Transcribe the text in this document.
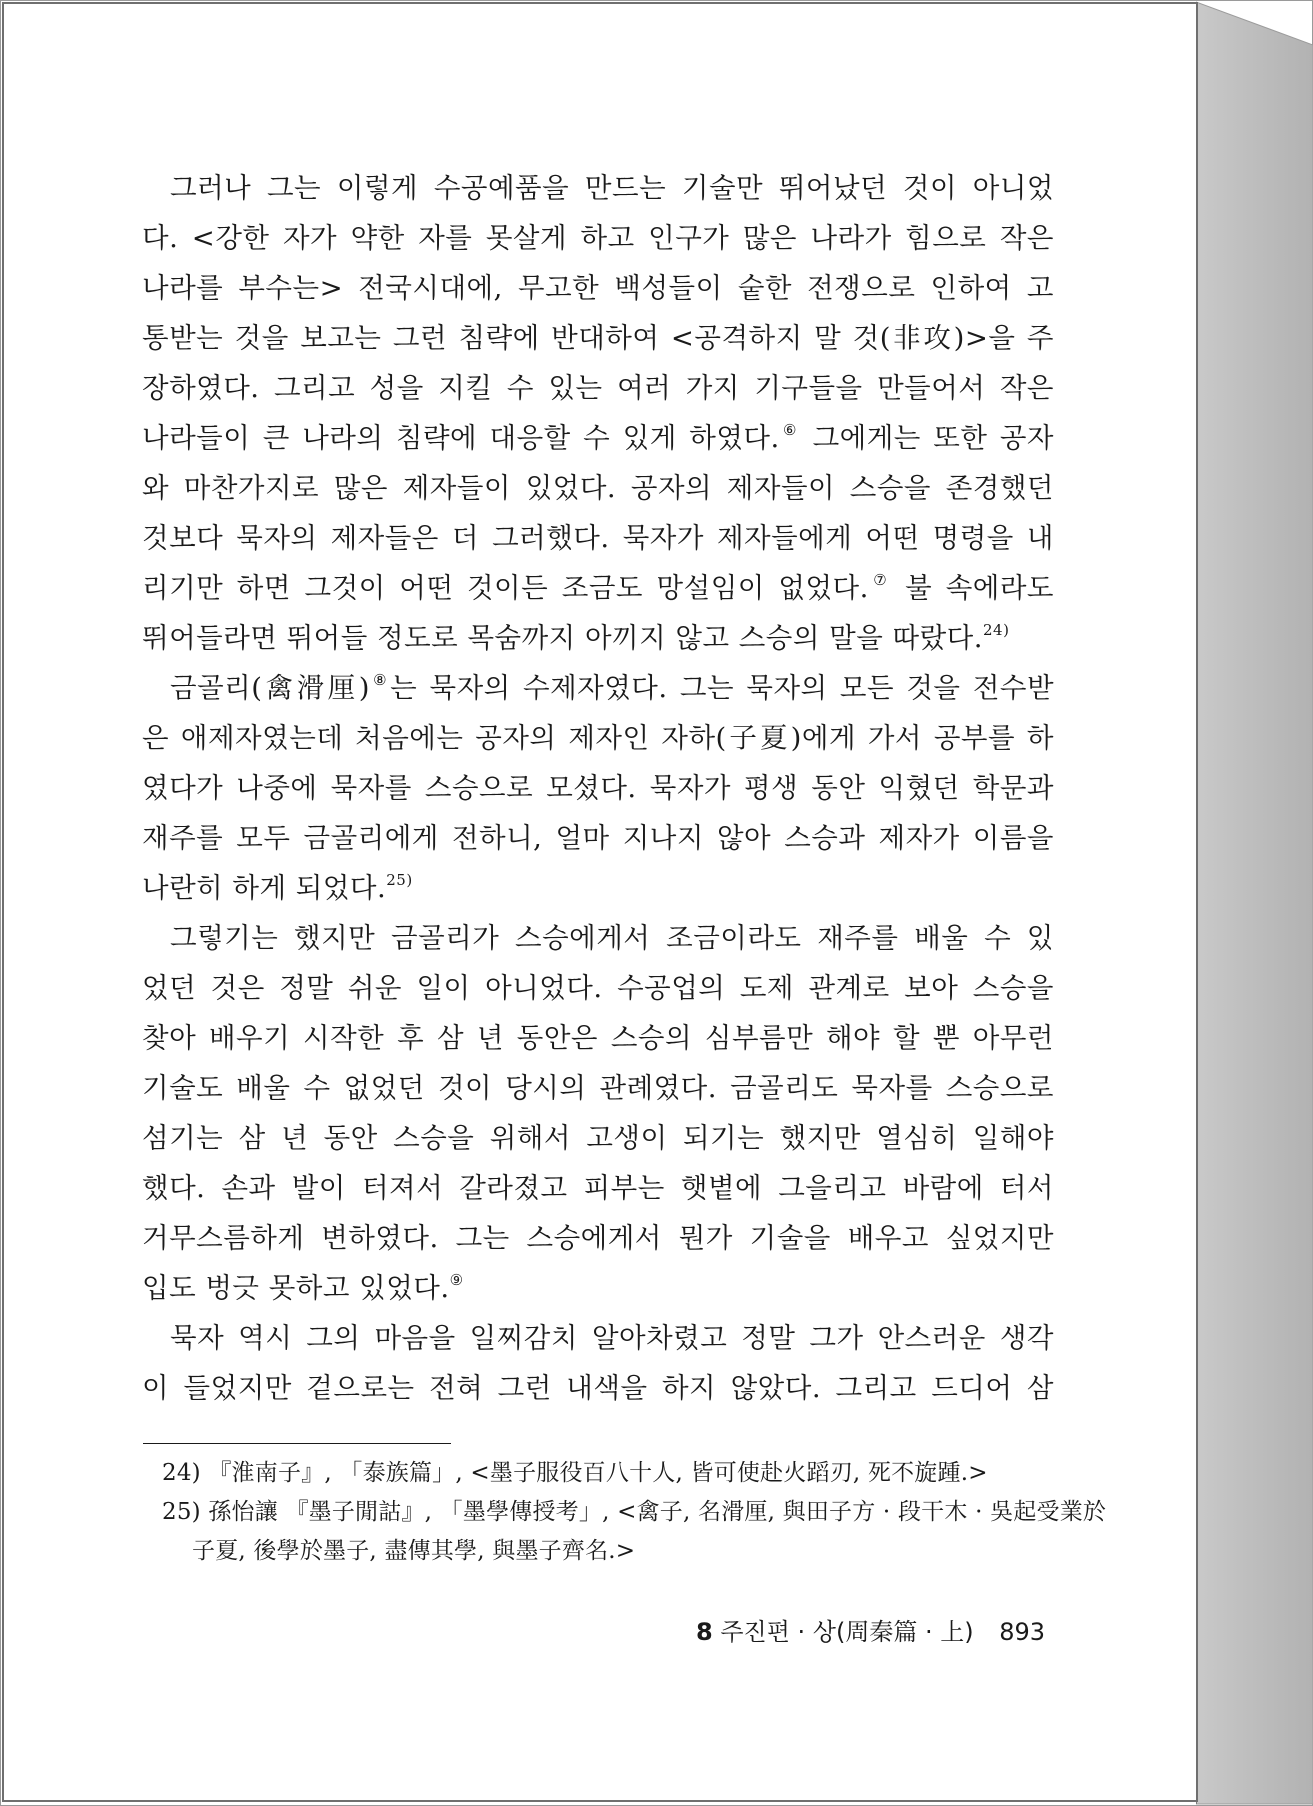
그러나 그는 이렇게 수공예품을 만드는 기술만 뛰어났던 것이 아니었
다. <강한 자가 약한 자를 못살게 하고 인구가 많은 나라가 힘으로 작은
나라를 부수는> 전국시대에, 무고한 백성들이 숱한 전쟁으로 인하여 고
통받는 것을 보고는 그런 침략에 반대하여 <공격하지 말 것(非攻)>을 주
장하였다. 그리고 성을 지킬 수 있는 여러 가지 기구들을 만들어서 작은
나라들이 큰 나라의 침략에 대응할 수 있게 하였다.⑥ 그에게는 또한 공자
와 마찬가지로 많은 제자들이 있었다. 공자의 제자들이 스승을 존경했던
것보다 묵자의 제자들은 더 그러했다. 묵자가 제자들에게 어떤 명령을 내
리기만 하면 그것이 어떤 것이든 조금도 망설임이 없었다.⑦ 불 속에라도
뛰어들라면 뛰어들 정도로 목숨까지 아끼지 않고 스승의 말을 따랐다.$^{24)}$
금골리(禽滑厘)⑧는 묵자의 수제자였다. 그는 묵자의 모든 것을 전수받
은 애제자였는데 처음에는 공자의 제자인 자하(子夏)에게 가서 공부를 하
였다가 나중에 묵자를 스승으로 모셨다. 묵자가 평생 동안 익혔던 학문과
재주를 모두 금골리에게 전하니, 얼마 지나지 않아 스승과 제자가 이름을
나란히 하게 되었다.$^{25)}$
그렇기는 했지만 금골리가 스승에게서 조금이라도 재주를 배울 수 있
었던 것은 정말 쉬운 일이 아니었다. 수공업의 도제 관계로 보아 스승을
찾아 배우기 시작한 후 삼 년 동안은 스승의 심부름만 해야 할 뿐 아무런
기술도 배울 수 없었던 것이 당시의 관례였다. 금골리도 묵자를 스승으로
섬기는 삼 년 동안 스승을 위해서 고생이 되기는 했지만 열심히 일해야
했다. 손과 발이 터져서 갈라졌고 피부는 햇볕에 그을리고 바람에 터서
거무스름하게 변하였다. 그는 스승에게서 뭔가 기술을 배우고 싶었지만
입도 벙긋 못하고 있었다.⑨
묵자 역시 그의 마음을 일찌감치 알아차렸고 정말 그가 안스러운 생각
이 들었지만 겉으로는 전혀 그런 내색을 하지 않았다. 그리고 드디어 삼
24) 『淮南子』, 「泰族篇」, <墨子服役百八十人, 皆可使赴火蹈刃, 死不旋踵.>
25) 孫怡讓 『墨子閒詁』, 「墨學傳授考」, <禽子, 名滑厘, 與田子方 · 段干木 · 吳起受業於
子夏, 後學於墨子, 盡傳其學, 與墨子齊名.>
8 주진편 · 상(周秦篇 · 上) 893
